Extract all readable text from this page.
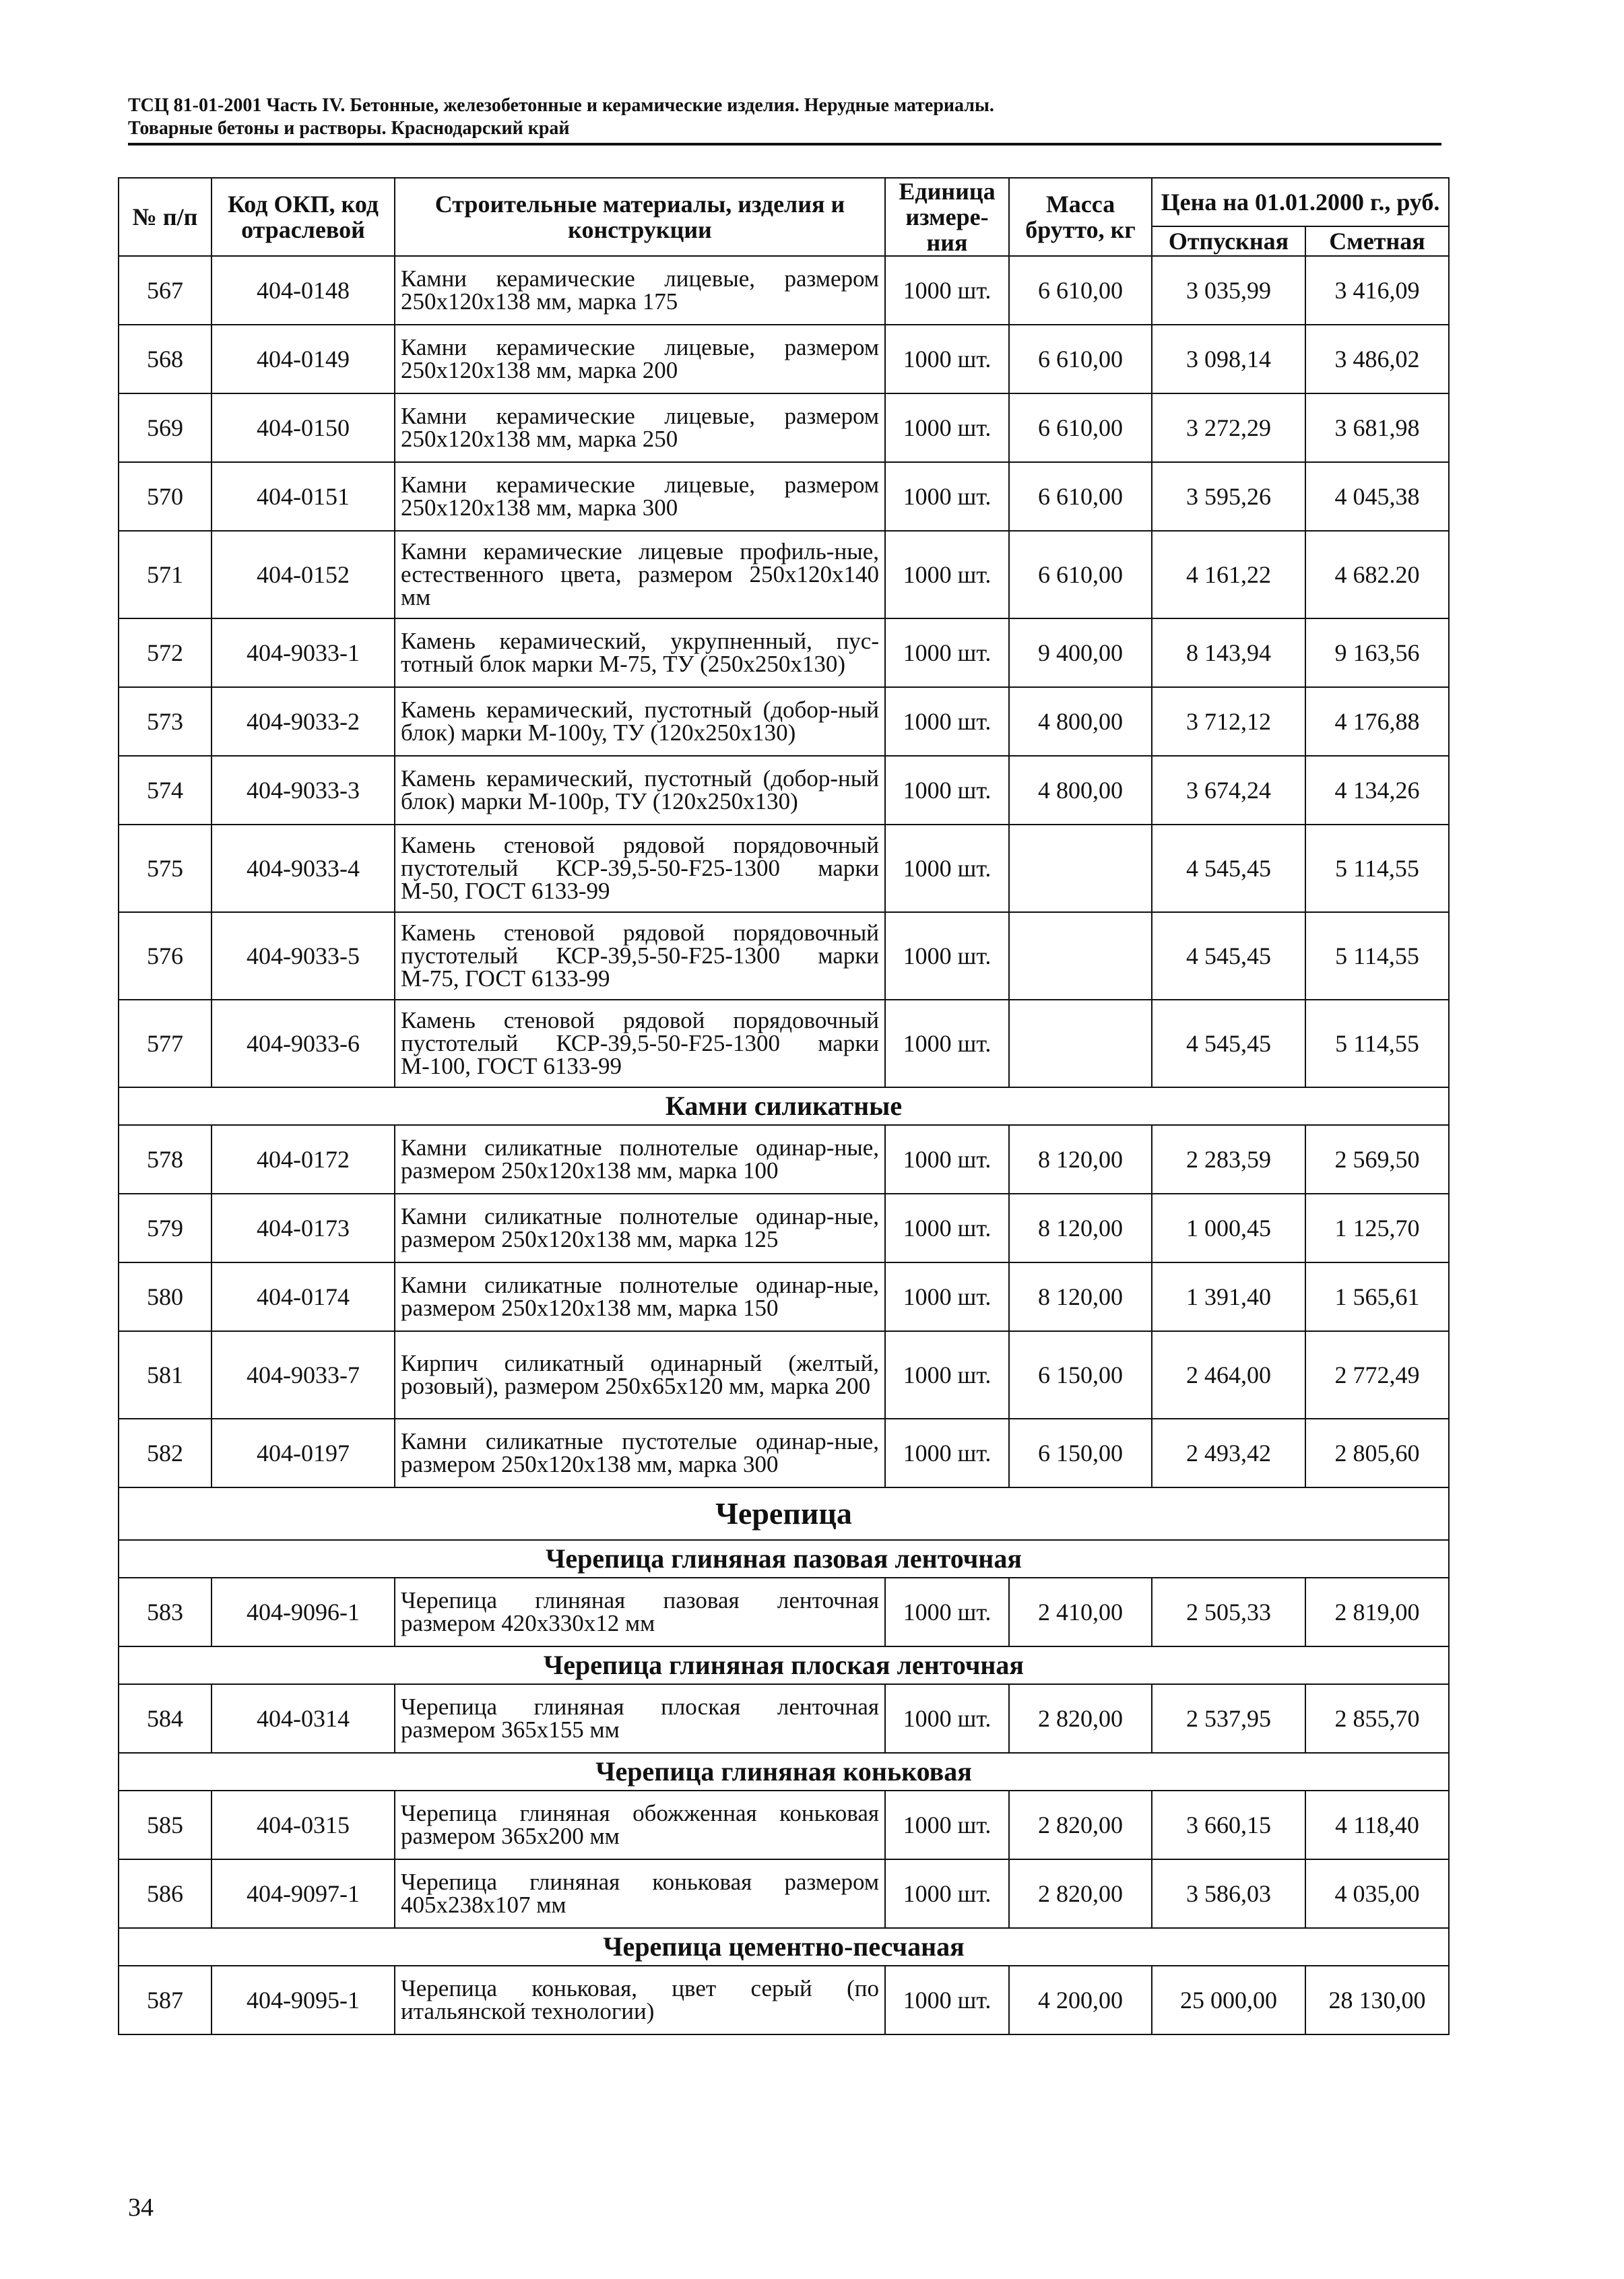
ТСЦ 81-01-2001 Часть IV. Бетонные, железобетонные и керамические изделия. Нерудные материалы.
Товарные бетоны и растворы. Краснодарский край
№ п/п	Код ОКП, код отраслевой	Строительные материалы, изделия и конструкции	Единица измере-ния	Масса брутто, кг	Цена на 01.01.2000 г., руб.	
					Отпускная	Сметная
567	404-0148	Камни керамические лицевые, размером 250х120х138 мм, марка 175	1000 шт.	6 610,00	3 035,99	3 416,09
568	404-0149	Камни керамические лицевые, размером 250х120х138 мм, марка 200	1000 шт.	6 610,00	3 098,14	3 486,02
569	404-0150	Камни керамические лицевые, размером 250х120х138 мм, марка 250	1000 шт.	6 610,00	3 272,29	3 681,98
570	404-0151	Камни керамические лицевые, размером 250х120х138 мм, марка 300	1000 шт.	6 610,00	3 595,26	4 045,38
571	404-0152	Камни керамические лицевые профиль-ные, естественного цвета, размером 250х120х140 мм	1000 шт.	6 610,00	4 161,22	4 682.20
572	404-9033-1	Камень керамический, укрупненный, пус-тотный блок марки М-75, ТУ (250х250х130)	1000 шт.	9 400,00	8 143,94	9 163,56
573	404-9033-2	Камень керамический, пустотный (добор-ный блок) марки М-100у, ТУ (120х250х130)	1000 шт.	4 800,00	3 712,12	4 176,88
574	404-9033-3	Камень керамический, пустотный (добор-ный блок) марки М-100р, ТУ (120х250х130)	1000 шт.	4 800,00	3 674,24	4 134,26
575	404-9033-4	Камень стеновой рядовой порядовочный пустотелый КСР-39,5-50-F25-1300 марки М-50, ГОСТ 6133-99	1000 шт.		4 545,45	5 114,55
576	404-9033-5	Камень стеновой рядовой порядовочный пустотелый КСР-39,5-50-F25-1300 марки М-75, ГОСТ 6133-99	1000 шт.		4 545,45	5 114,55
577	404-9033-6	Камень стеновой рядовой порядовочный пустотелый КСР-39,5-50-F25-1300 марки М-100, ГОСТ 6133-99	1000 шт.		4 545,45	5 114,55
Камни силикатные						
578	404-0172	Камни силикатные полнотелые одинар-ные, размером 250х120х138 мм, марка 100	1000 шт.	8 120,00	2 283,59	2 569,50
579	404-0173	Камни силикатные полнотелые одинар-ные, размером 250х120х138 мм, марка 125	1000 шт.	8 120,00	1 000,45	1 125,70
580	404-0174	Камни силикатные полнотелые одинар-ные, размером 250х120х138 мм, марка 150	1000 шт.	8 120,00	1 391,40	1 565,61
581	404-9033-7	Кирпич силикатный одинарный (желтый, розовый), размером 250х65х120 мм, марка 200	1000 шт.	6 150,00	2 464,00	2 772,49
582	404-0197	Камни силикатные пустотелые одинар-ные, размером 250х120х138 мм, марка 300	1000 шт.	6 150,00	2 493,42	2 805,60
Черепица						
Черепица глиняная пазовая ленточная						
583	404-9096-1	Черепица глиняная пазовая ленточная размером 420х330х12 мм	1000 шт.	2 410,00	2 505,33	2 819,00
Черепица глиняная плоская ленточная						
584	404-0314	Черепица глиняная плоская ленточная размером 365х155 мм	1000 шт.	2 820,00	2 537,95	2 855,70
Черепица глиняная коньковая						
585	404-0315	Черепица глиняная обожженная коньковая размером 365х200 мм	1000 шт.	2 820,00	3 660,15	4 118,40
586	404-9097-1	Черепица глиняная коньковая размером 405х238х107 мм	1000 шт.	2 820,00	3 586,03	4 035,00
Черепица цементно-песчаная						
587	404-9095-1	Черепица коньковая, цвет серый (по итальянской технологии)	1000 шт.	4 200,00	25 000,00	28 130,00
34
